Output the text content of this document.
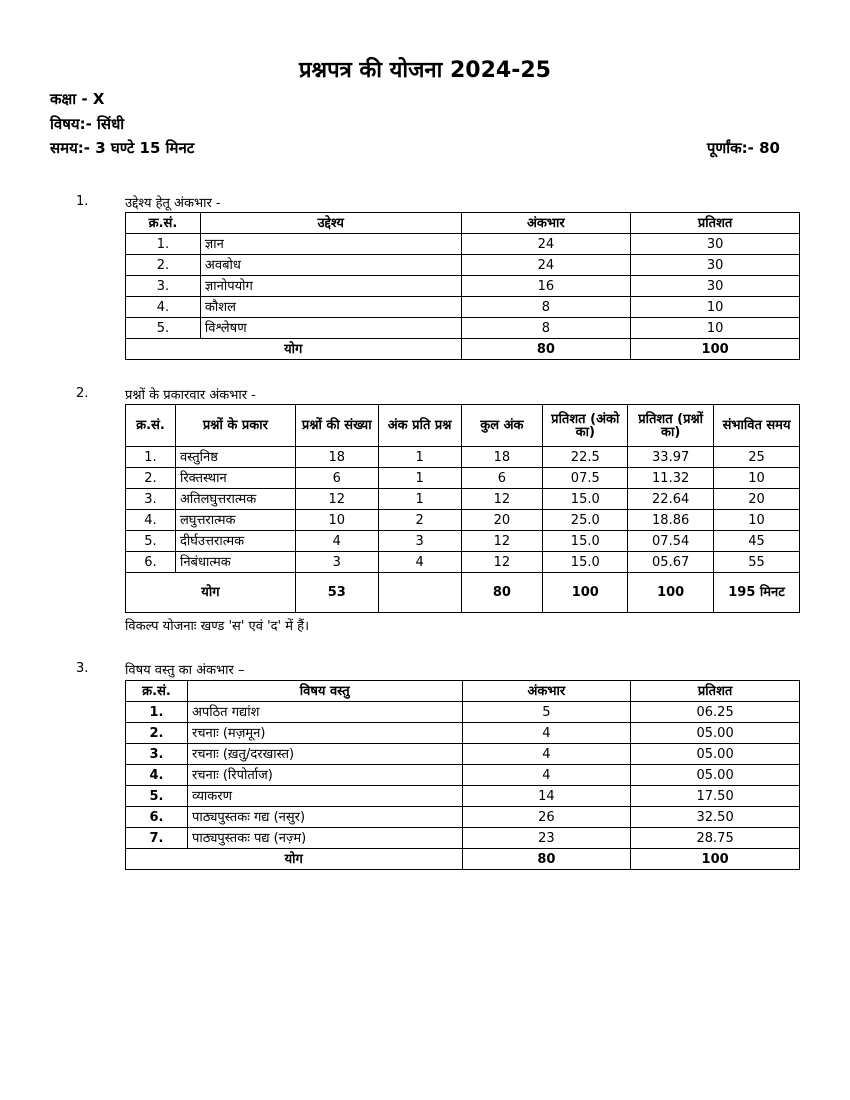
प्रश्नपत्र की योजना 2024-25
कक्षा - X
विषय:- सिंधी
समय:- 3 घण्टे 15 मिनट	पूर्णांक:- 80
1.	उद्देश्य हेतू अंकभार -
क्र.सं.	उद्देश्य	अंकभार	प्रतिशत
1.	ज्ञान	24	30
2.	अवबोध	24	30
3.	ज्ञानोपयोग	16	30
4.	कौशल	8	10
5.	विश्लेषण	8	10
योग		80	100
2.	प्रश्नों के प्रकारवार अंकभार -
क्र.सं.	प्रश्नों के प्रकार	प्रश्नों की संख्या	अंक प्रति प्रश्न	कुल अंक	प्रतिशत (अंको का)	प्रतिशत (प्रश्नों का)	संभावित समय
1.	वस्तुनिष्ठ	18	1	18	22.5	33.97	25
2.	रिक्तस्थान	6	1	6	07.5	11.32	10
3.	अतिलघुत्तरात्मक	12	1	12	15.0	22.64	20
4.	लघुत्तरात्मक	10	2	20	25.0	18.86	10
5.	दीर्घउत्तरात्मक	4	3	12	15.0	07.54	45
6.	निबंधात्मक	3	4	12	15.0	05.67	55
योग		53		80	100	100	195 मिनट
विकल्प योजनाः खण्ड 'स' एवं 'द' में हैं।
3.	विषय वस्तु का अंकभार –
क्र.सं.	विषय वस्तु	अंकभार	प्रतिशत
1.	अपठित गद्यांश	5	06.25
2.	रचनाः (मज़मून)	4	05.00
3.	रचनाः (ख़तु/दरखास्त)	4	05.00
4.	रचनाः (रिपोर्ताज)	4	05.00
5.	व्याकरण	14	17.50
6.	पाठ्यपुस्तकः गद्य (नसुर)	26	32.50
7.	पाठ्यपुस्तकः पद्य (नज़्म)	23	28.75
योग		80	100
